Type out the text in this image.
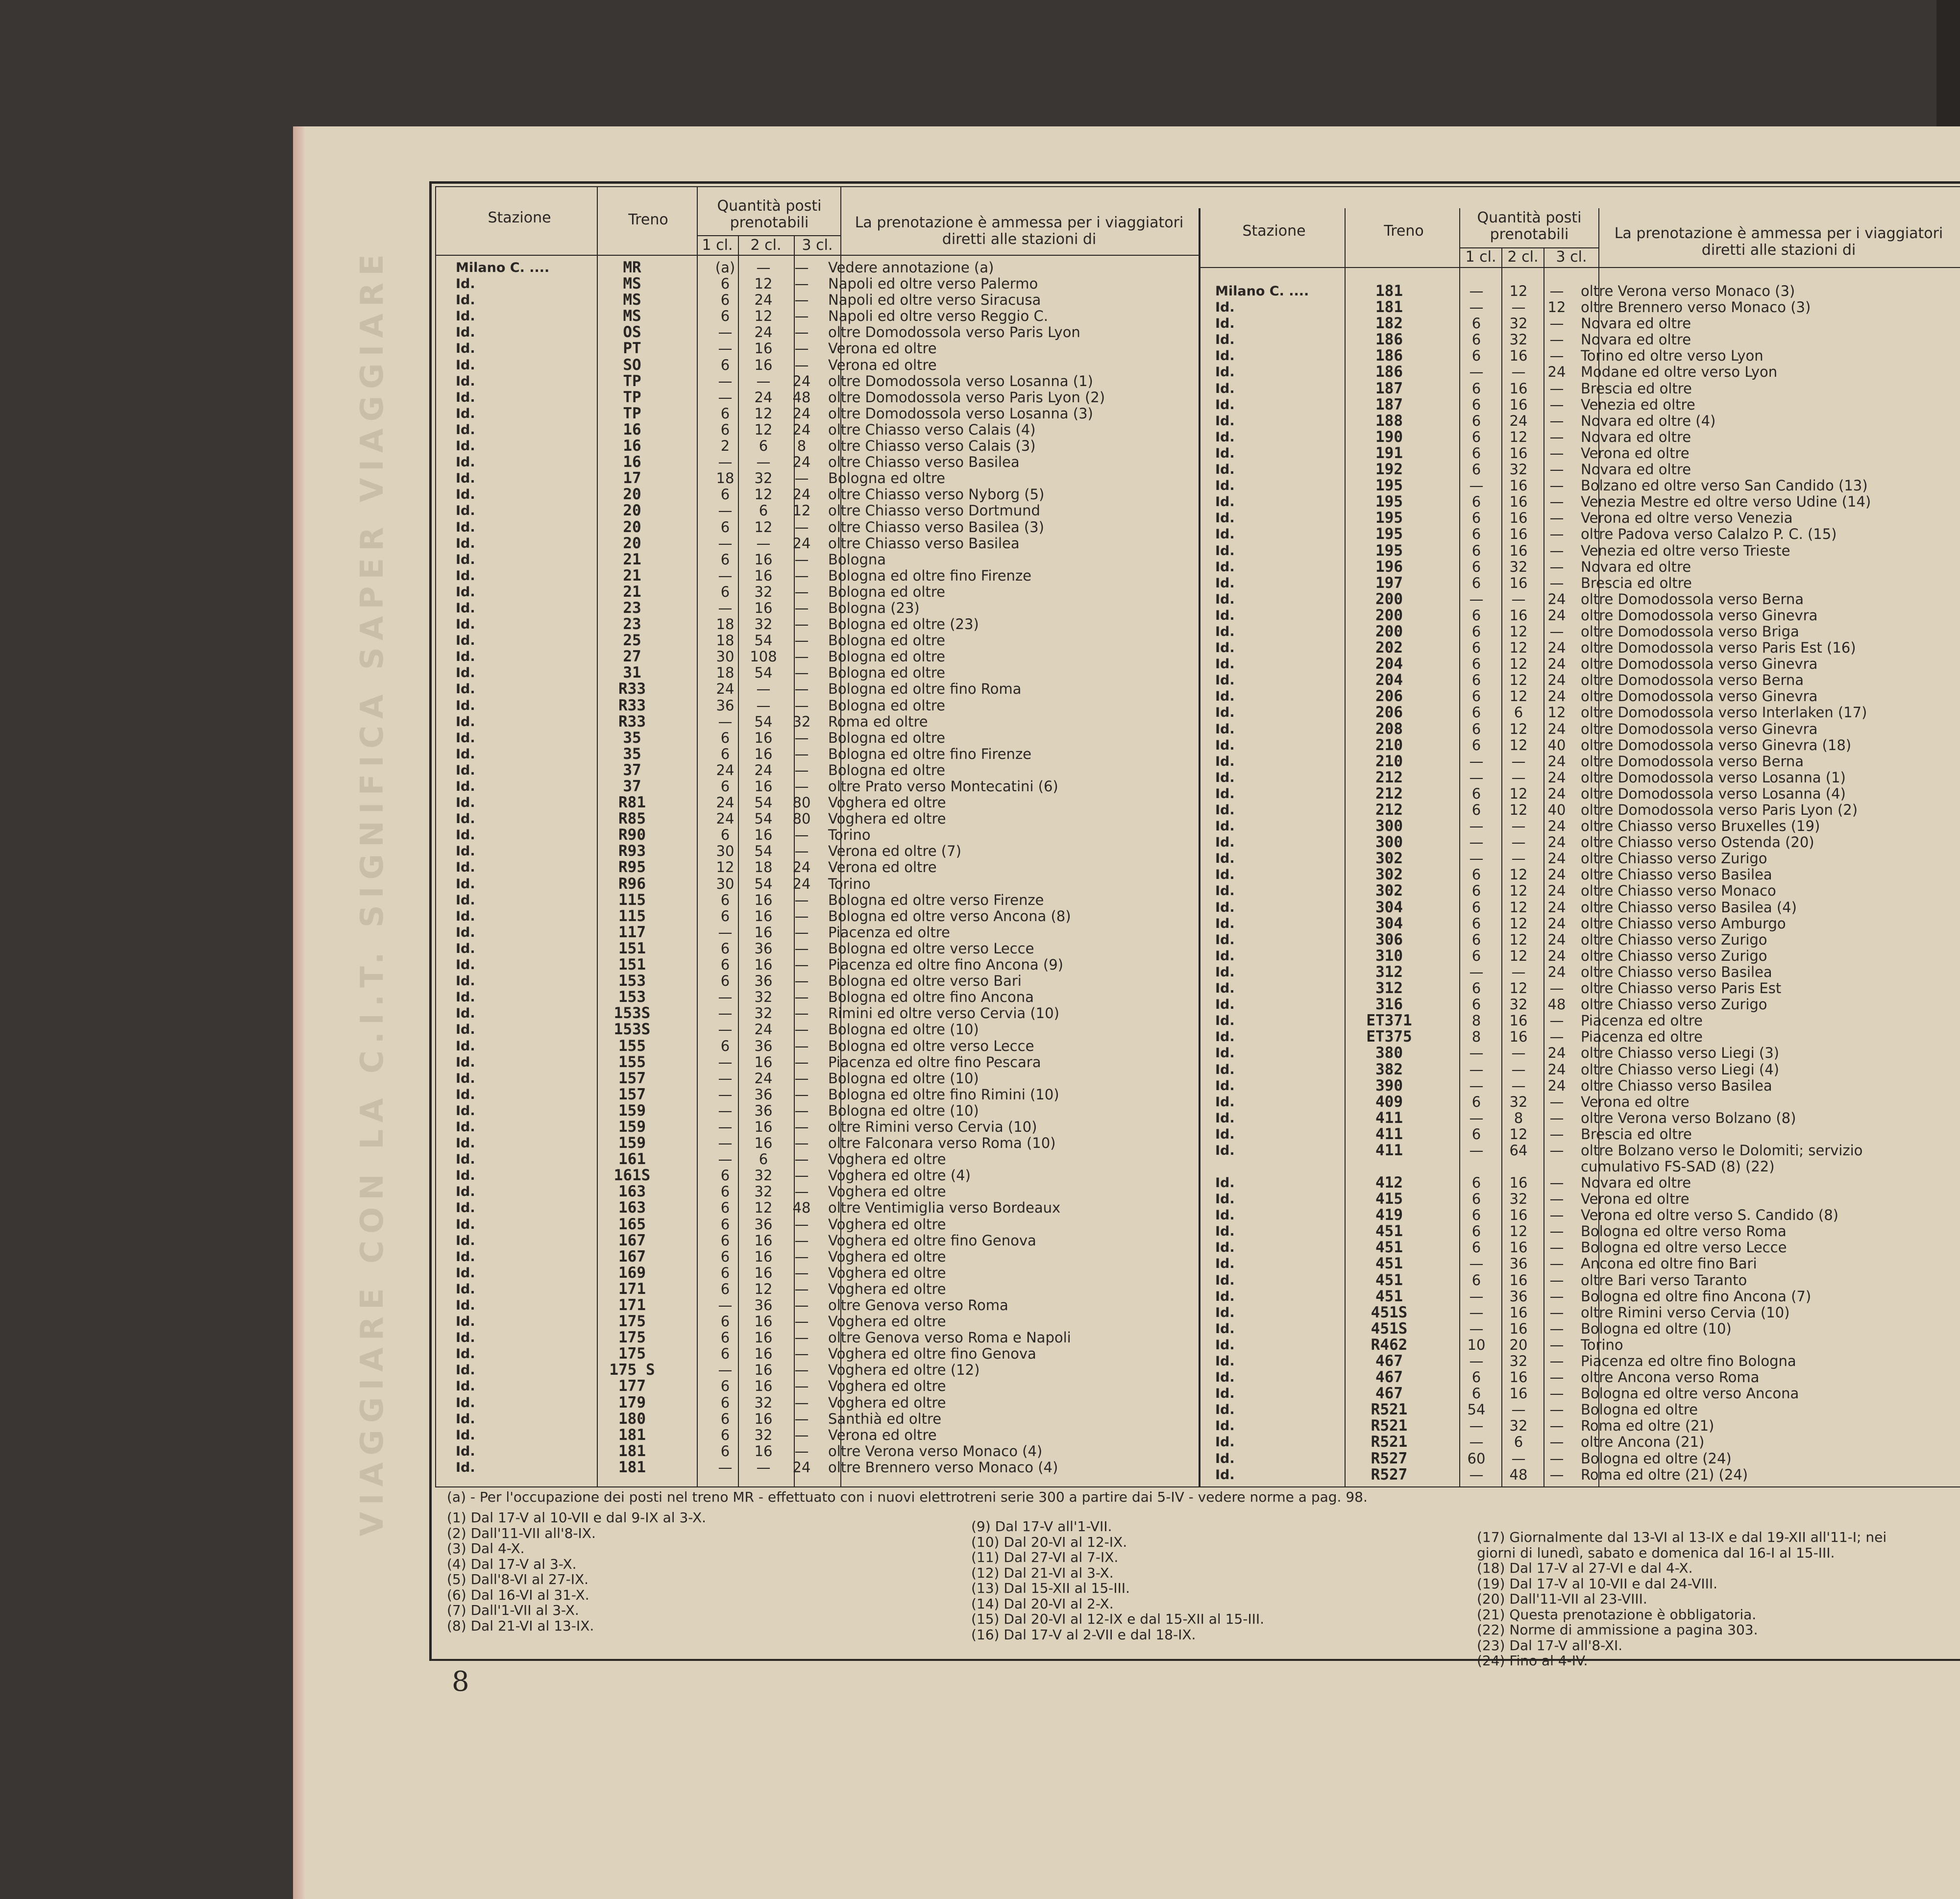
VIAGGIARE CON LA C.I.T. SIGNIFICA SAPER VIAGGIARE
Stazione	Treno
Quantità posti prenotabili
1 cl.	2 cl.	3 cl.
La prenotazione è ammessa per i viaggiatori diretti alle stazioni di	Stazione	Treno
Quantità posti prenotabili
1 cl. 2 cl.	3 cl.
La prenotazione è ammessa per i viaggiatori diretti alle stazioni di
Milano C. ....	MR	(a)	—	—	Vedere annotazione (a)
Id.	MS	6	12	—	Napoli ed oltre verso Palermo
Id.	MS	6	24	—	Napoli ed oltre verso Siracusa
Id.	MS	6	12	—	Napoli ed oltre verso Reggio C.
Id.	OS	—	24	—	oltre Domodossola verso Paris Lyon
Id.	PT	—	16	—	Verona ed oltre
Id.	SO	6	16	—	Verona ed oltre
Id.	TP	—	—	24	oltre Domodossola verso Losanna (1)
Id.	TP	—	24	48	oltre Domodossola verso Paris Lyon (2)
Id.	TP	6	12	24	oltre Domodossola verso Losanna (3)
Id.	16	6	12	24	oltre Chiasso verso Calais (4)
Id.	16	2	6	8	oltre Chiasso verso Calais (3)
Id.	16	—	—	24	oltre Chiasso verso Basilea
Id.	17	18	32	—	Bologna ed oltre
Id.	20	6	12	24	oltre Chiasso verso Nyborg (5)
Id.	20	—	6	12	oltre Chiasso verso Dortmund
Id.	20	6	12	—	oltre Chiasso verso Basilea (3)
Id.	20	—	—	24	oltre Chiasso verso Basilea
Id.	21	6	16	—	Bologna
Id.	21	—	16	—	Bologna ed oltre fino Firenze
Id.	21	6	32	—	Bologna ed oltre
Id.	23	—	16	—	Bologna (23)
Id.	23	18	32	—	Bologna ed oltre (23)
Id.	25	18	54	—	Bologna ed oltre
Id.	27	30	108	—	Bologna ed oltre
Id.	31	18	54	—	Bologna ed oltre
Id.	R33	24	—	—	Bologna ed oltre fino Roma
Id.	R33	36	—	—	Bologna ed oltre
Id.	R33	—	54	32	Roma ed oltre
Id.	35	6	16	—	Bologna ed oltre
Id.	35	6	16	—	Bologna ed oltre fino Firenze
Id.	37	24	24	—	Bologna ed oltre
Id.	37	6	16	—	oltre Prato verso Montecatini (6)
Id.	R81	24	54	80	Voghera ed oltre
Id.	R85	24	54	80	Voghera ed oltre
Id.	R90	6	16	—	Torino
Id.	R93	30	54	—	Verona ed oltre (7)
Id.	R95	12	18	24	Verona ed oltre
Id.	R96	30	54	24	Torino
Id.	115	6	16	—	Bologna ed oltre verso Firenze
Id.	115	6	16	—	Bologna ed oltre verso Ancona (8)
Id.	117	—	16	—	Piacenza ed oltre
Id.	151	6	36	—	Bologna ed oltre verso Lecce
Id.	151	6	16	—	Piacenza ed oltre fino Ancona (9)
Id.	153	6	36	—	Bologna ed oltre verso Bari
Id.	153	—	32	—	Bologna ed oltre fino Ancona
Id.	153S	—	32	—	Rimini ed oltre verso Cervia (10)
Id.	153S	—	24	—	Bologna ed oltre (10)
Id.	155	6	36	—	Bologna ed oltre verso Lecce
Id.	155	—	16	—	Piacenza ed oltre fino Pescara
Id.	157	—	24	—	Bologna ed oltre (10)
Id.	157	—	36	—	Bologna ed oltre fino Rimini (10)
Id.	159	—	36	—	Bologna ed oltre (10)
Id.	159	—	16	—	oltre Rimini verso Cervia (10)
Id.	159	—	16	—	oltre Falconara verso Roma (10)
Id.	161	—	6	—	Voghera ed oltre
Id.	161S	6	32	—	Voghera ed oltre (4)
Id.	163	6	32	—	Voghera ed oltre
Id.	163	6	12	48	oltre Ventimiglia verso Bordeaux
Id.	165	6	36	—	Voghera ed oltre
Id.	167	6	16	—	Voghera ed oltre fino Genova
Id.	167	6	16	—	Voghera ed oltre
Id.	169	6	16	—	Voghera ed oltre
Id.	171	6	12	—	Voghera ed oltre
Id.	171	—	36	—	oltre Genova verso Roma
Id.	175	6	16	—	Voghera ed oltre
Id.	175	6	16	—	oltre Genova verso Roma e Napoli
Id.	175	6	16	—	Voghera ed oltre fino Genova
Id.	175 S	—	16	—	Voghera ed oltre (12)
Id.	177	6	16	—	Voghera ed oltre
Id.	179	6	32	—	Voghera ed oltre
Id.	180	6	16	—	Santhià ed oltre
Id.	181	6	32	—	Verona ed oltre
Id.	181	6	16	—	oltre Verona verso Monaco (4)
Id.	181	—	—	24	oltre Brennero verso Monaco (4)
Milano C. ....	181	—	12	—	oltre Verona verso Monaco (3)
Id.	181	—	—	12	oltre Brennero verso Monaco (3)
Id.	182	6	32	—	Novara ed oltre
Id.	186	6	32	—	Novara ed oltre
Id.	186	6	16	—	Torino ed oltre verso Lyon
Id.	186	—	—	24	Modane ed oltre verso Lyon
Id.	187	6	16	—	Brescia ed oltre
Id.	187	6	16	—	Venezia ed oltre
Id.	188	6	24	—	Novara ed oltre (4)
Id.	190	6	12	—	Novara ed oltre
Id.	191	6	16	—	Verona ed oltre
Id.	192	6	32	—	Novara ed oltre
Id.	195	—	16	—	Bolzano ed oltre verso San Candido (13)
Id.	195	6	16	—	Venezia Mestre ed oltre verso Udine (14)
Id.	195	6	16	—	Verona ed oltre verso Venezia
Id.	195	6	16	—	oltre Padova verso Calalzo P. C. (15)
Id.	195	6	16	—	Venezia ed oltre verso Trieste
Id.	196	6	32	—	Novara ed oltre
Id.	197	6	16	—	Brescia ed oltre
Id.	200	—	—	24	oltre Domodossola verso Berna
Id.	200	6	16	24	oltre Domodossola verso Ginevra
Id.	200	6	12	—	oltre Domodossola verso Briga
Id.	202	6	12	24	oltre Domodossola verso Paris Est (16)
Id.	204	6	12	24	oltre Domodossola verso Ginevra
Id.	204	6	12	24	oltre Domodossola verso Berna
Id.	206	6	12	24	oltre Domodossola verso Ginevra
Id.	206	6	6	12	oltre Domodossola verso Interlaken (17)
Id.	208	6	12	24	oltre Domodossola verso Ginevra
Id.	210	6	12	40	oltre Domodossola verso Ginevra (18)
Id.	210	—	—	24	oltre Domodossola verso Berna
Id.	212	—	—	24	oltre Domodossola verso Losanna (1)
Id.	212	6	12	24	oltre Domodossola verso Losanna (4)
Id.	212	6	12	40	oltre Domodossola verso Paris Lyon (2)
Id.	300	—	—	24	oltre Chiasso verso Bruxelles (19)
Id.	300	—	—	24	oltre Chiasso verso Ostenda (20)
Id.	302	—	—	24	oltre Chiasso verso Zurigo
Id.	302	6	12	24	oltre Chiasso verso Basilea
Id.	302	6	12	24	oltre Chiasso verso Monaco
Id.	304	6	12	24	oltre Chiasso verso Basilea (4)
Id.	304	6	12	24	oltre Chiasso verso Amburgo
Id.	306	6	12	24	oltre Chiasso verso Zurigo
Id.	310	6	12	24	oltre Chiasso verso Zurigo
Id.	312	—	—	24	oltre Chiasso verso Basilea
Id.	312	6	12	—	oltre Chiasso verso Paris Est
Id.	316	6	32	48	oltre Chiasso verso Zurigo
Id.	ET371	8	16	—	Piacenza ed oltre
Id.	ET375	8	16	—	Piacenza ed oltre
Id.	380	—	—	24	oltre Chiasso verso Liegi (3)
Id.	382	—	—	24	oltre Chiasso verso Liegi (4)
Id.	390	—	—	24	oltre Chiasso verso Basilea
Id.	409	6	32	—	Verona ed oltre
Id.	411	—	8	—	oltre Verona verso Bolzano (8)
Id.	411	6	12	—	Brescia ed oltre
Id.	411	—	64	—	oltre Bolzano verso le Dolomiti; servizio cumulativo FS-SAD (8) (22)
Id.	412	6	16	—	Novara ed oltre
Id.	415	6	32	—	Verona ed oltre
Id.	419	6	16	—	Verona ed oltre verso S. Candido (8)
Id.	451	6	12	—	Bologna ed oltre verso Roma
Id.	451	6	16	—	Bologna ed oltre verso Lecce
Id.	451	—	36	—	Ancona ed oltre fino Bari
Id.	451	6	16	—	oltre Bari verso Taranto
Id.	451	—	36	—	Bologna ed oltre fino Ancona (7)
Id.	451S	—	16	—	oltre Rimini verso Cervia (10)
Id.	451S	—	16	—	Bologna ed oltre (10)
Id.	R462	10	20	—	Torino
Id.	467	—	32	—	Piacenza ed oltre fino Bologna
Id.	467	6	16	—	oltre Ancona verso Roma
Id.	467	6	16	—	Bologna ed oltre verso Ancona
Id.	R521	54	—	—	Bologna ed oltre
Id.	R521	—	32	—	Roma ed oltre (21)
Id.	R521	—	6	—	oltre Ancona (21)
Id.	R527	60	—	—	Bologna ed oltre (24)
Id.	R527	—	48	—	Roma ed oltre (21) (24)
(a) - Per l'occupazione dei posti nel treno MR - effettuato con i nuovi elettrotreni serie 300 a partire dai 5-IV - vedere norme a pag. 98.
(1) Dal 17-V al 10-VII e dal 9-IX al 3-X.
(2) Dall'11-VII all'8-IX.
(3) Dal 4-X.
(4) Dal 17-V al 3-X.
(5) Dall'8-VI al 27-IX.
(6) Dal 16-VI al 31-X.
(7) Dall'1-VII al 3-X.
(8) Dal 21-VI al 13-IX.
(9) Dal 17-V all'1-VII.
(10) Dal 20-VI al 12-IX.
(11) Dal 27-VI al 7-IX.
(12) Dal 21-VI al 3-X.
(13) Dal 15-XII al 15-III.
(14) Dal 20-VI al 2-X.
(15) Dal 20-VI al 12-IX e dal 15-XII al 15-III.
(16) Dal 17-V al 2-VII e dal 18-IX.
(17) Giornalmente dal 13-VI al 13-IX e dal 19-XII all'11-I; nei
giorni di lunedì, sabato e domenica dal 16-I al 15-III.
(18) Dal 17-V al 27-VI e dal 4-X.
(19) Dal 17-V al 10-VII e dal 24-VIII.
(20) Dall'11-VII al 23-VIII.
(21) Questa prenotazione è obbligatoria.
(22) Norme di ammissione a pagina 303.
(23) Dal 17-V all'8-XI.
(24) Fino al 4-IV.
8
